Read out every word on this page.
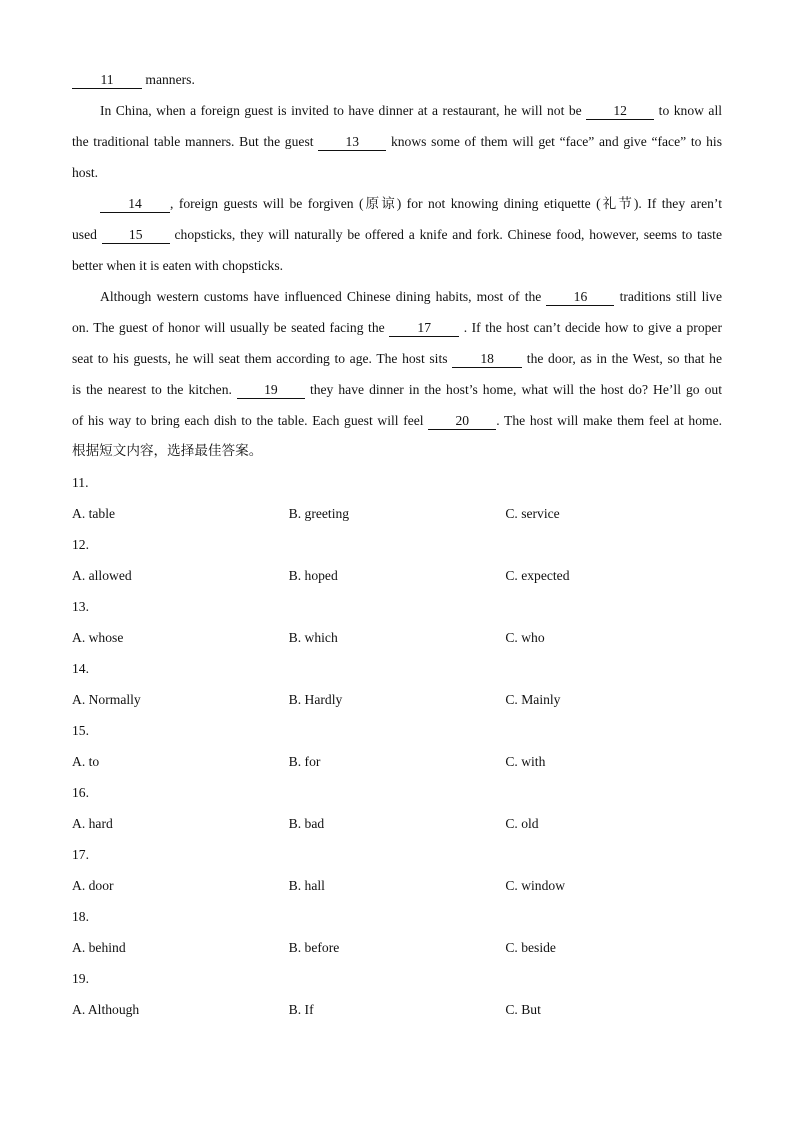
11 manners.
In China, when a foreign guest is invited to have dinner at a restaurant, he will not be 12 to know all
the traditional table manners. But the guest 13 knows some of them will get “face” and give “face” to his
host.
14 , foreign guests will be forgiven (原谅) for not knowing dining etiquette (礼节). If they aren’t
used 15 chopsticks, they will naturally be offered a knife and fork. Chinese food, however, seems to taste
better when it is eaten with chopsticks.
Although western customs have influenced Chinese dining habits, most of the 16 traditions still live
on. The guest of honor will usually be seated facing the 17 . If the host can’t decide how to give a proper
seat to his guests, he will seat them according to age. The host sits 18 the door, as in the West, so that he
is the nearest to the kitchen. 19 they have dinner in the host’s home, what will the host do? He’ll go out
of his way to bring each dish to the table. Each guest will feel 20 . The host will make them feel at home.
根据短文内容，选择最佳答案。
11.
A. table	B. greeting	C. service
12.
A. allowed	B. hoped	C. expected
13.
A. whose	B. which	C. who
14.
A. Normally	B. Hardly	C. Mainly
15.
A. to	B. for	C. with
16.
A. hard	B. bad	C. old
17.
A. door	B. hall	C. window
18.
A. behind	B. before	C. beside
19.
A. Although	B. If	C. But
